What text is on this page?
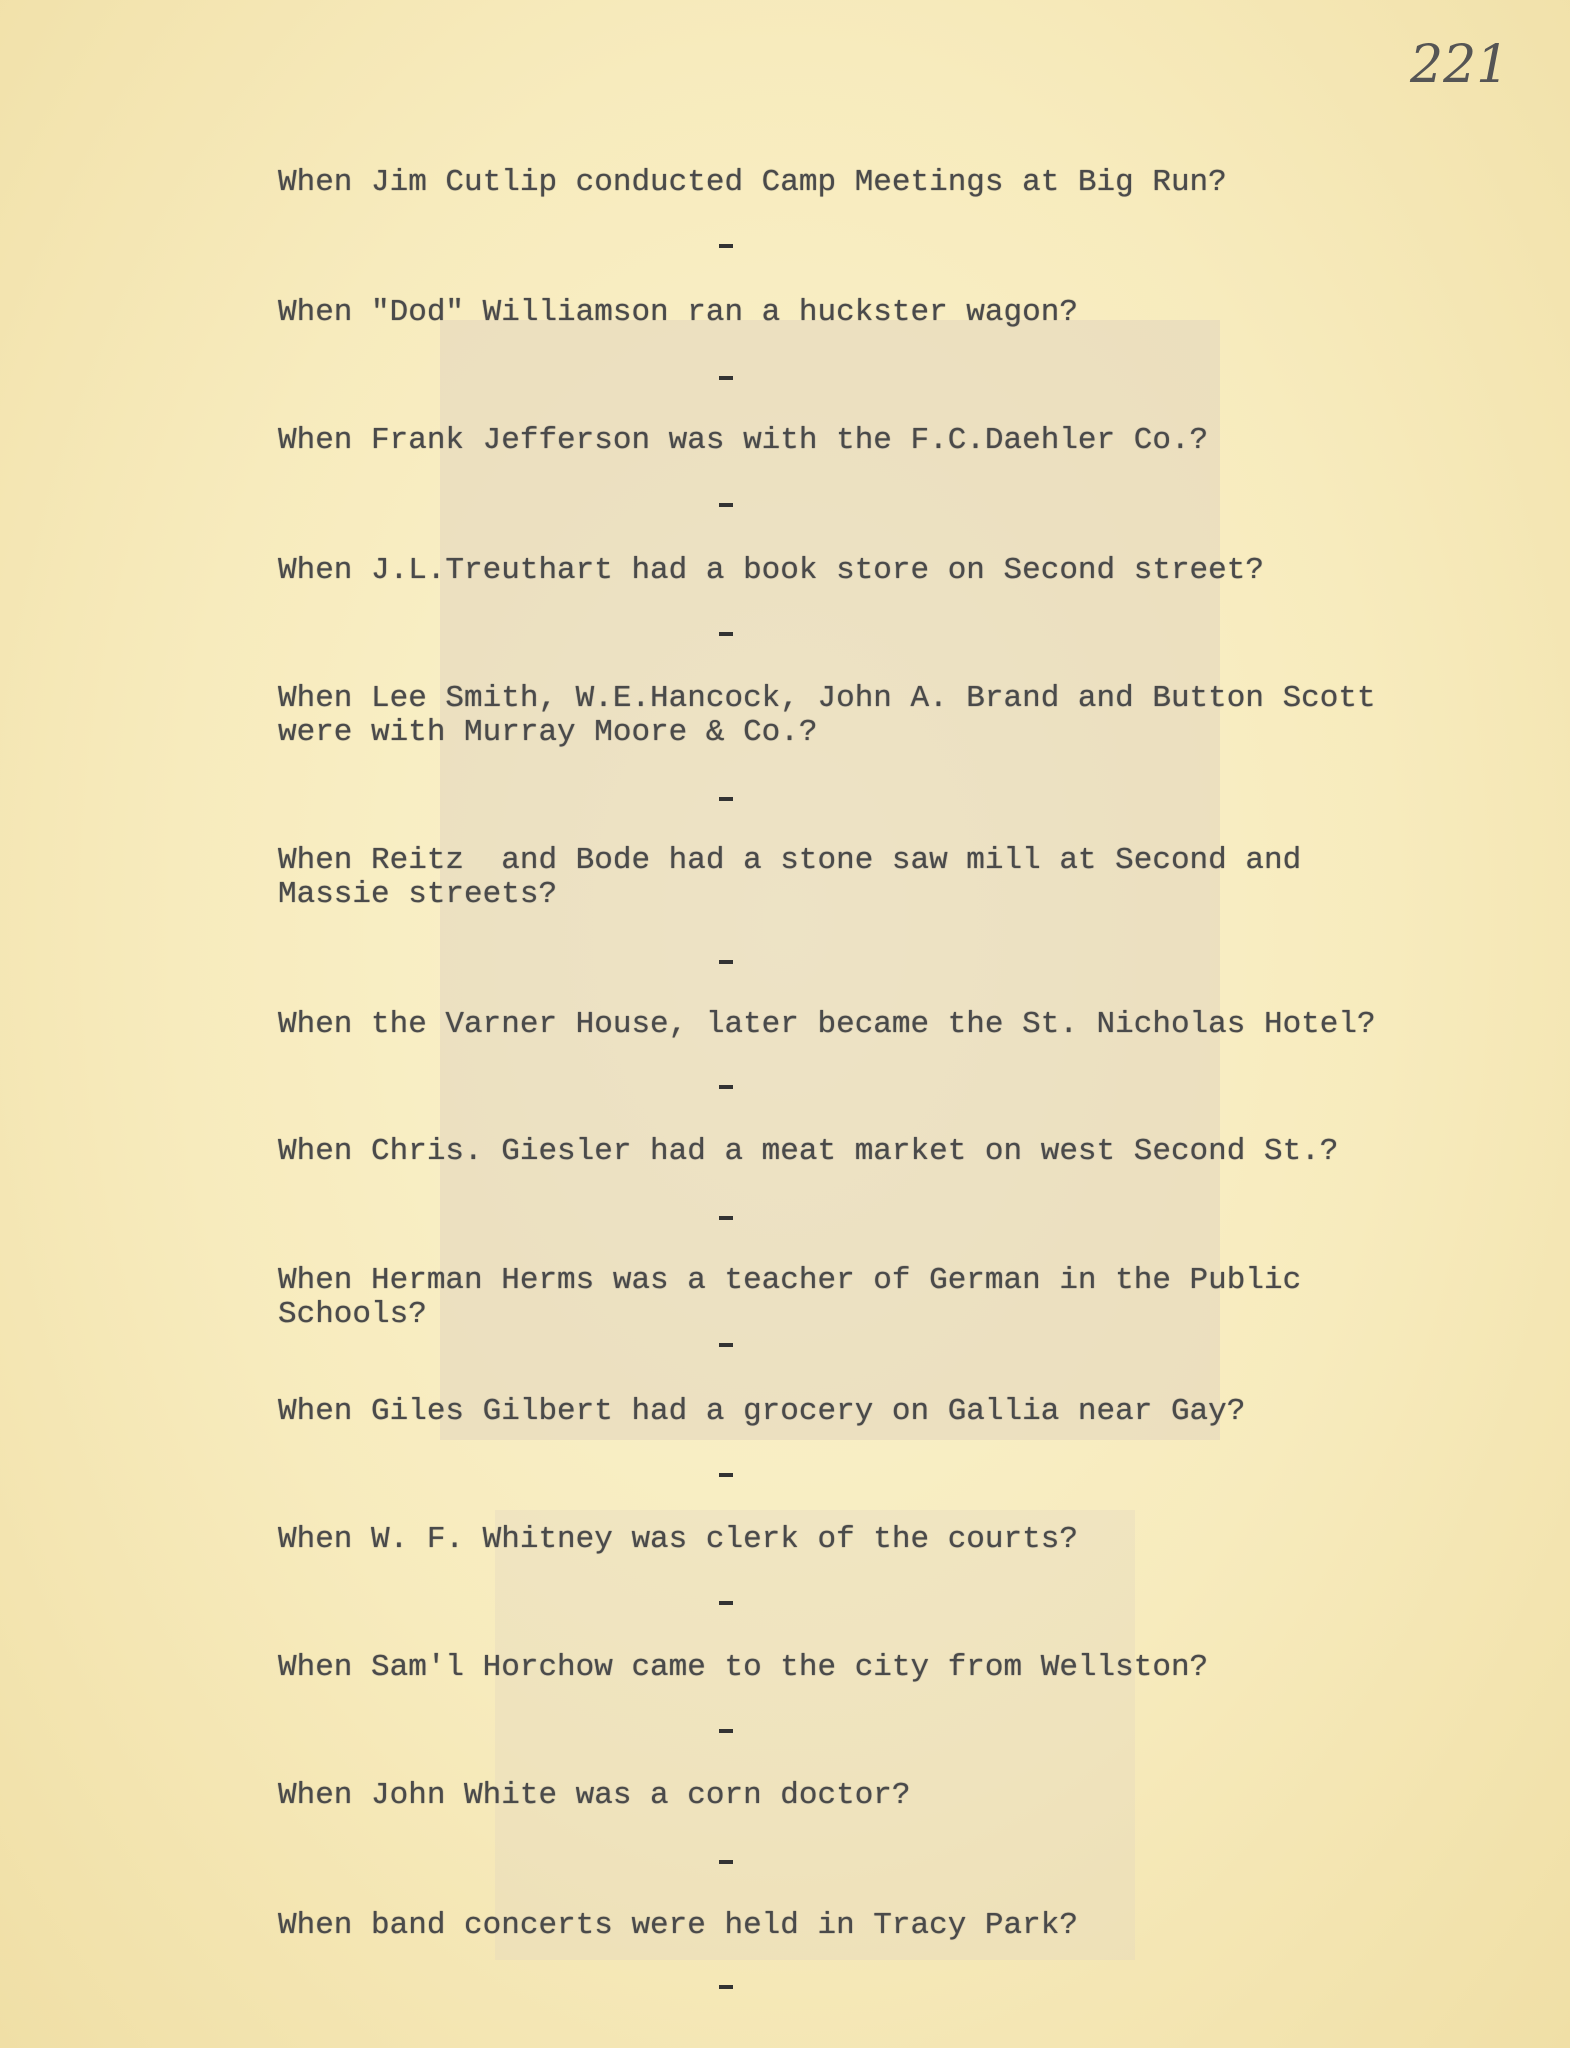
221
When Jim Cutlip conducted Camp Meetings at Big Run?
When "Dod" Williamson ran a huckster wagon?
When Frank Jefferson was with the F.C.Daehler Co.?
When J.L.Treuthart had a book store on Second street?
When Lee Smith, W.E.Hancock, John A. Brand and Button Scott
were with Murray Moore & Co.?
When Reitz  and Bode had a stone saw mill at Second and
Massie streets?
When the Varner House, later became the St. Nicholas Hotel?
When Chris. Giesler had a meat market on west Second St.?
When Herman Herms was a teacher of German in the Public
Schools?
When Giles Gilbert had a grocery on Gallia near Gay?
When W. F. Whitney was clerk of the courts?
When Sam'l Horchow came to the city from Wellston?
When John White was a corn doctor?
When band concerts were held in Tracy Park?
